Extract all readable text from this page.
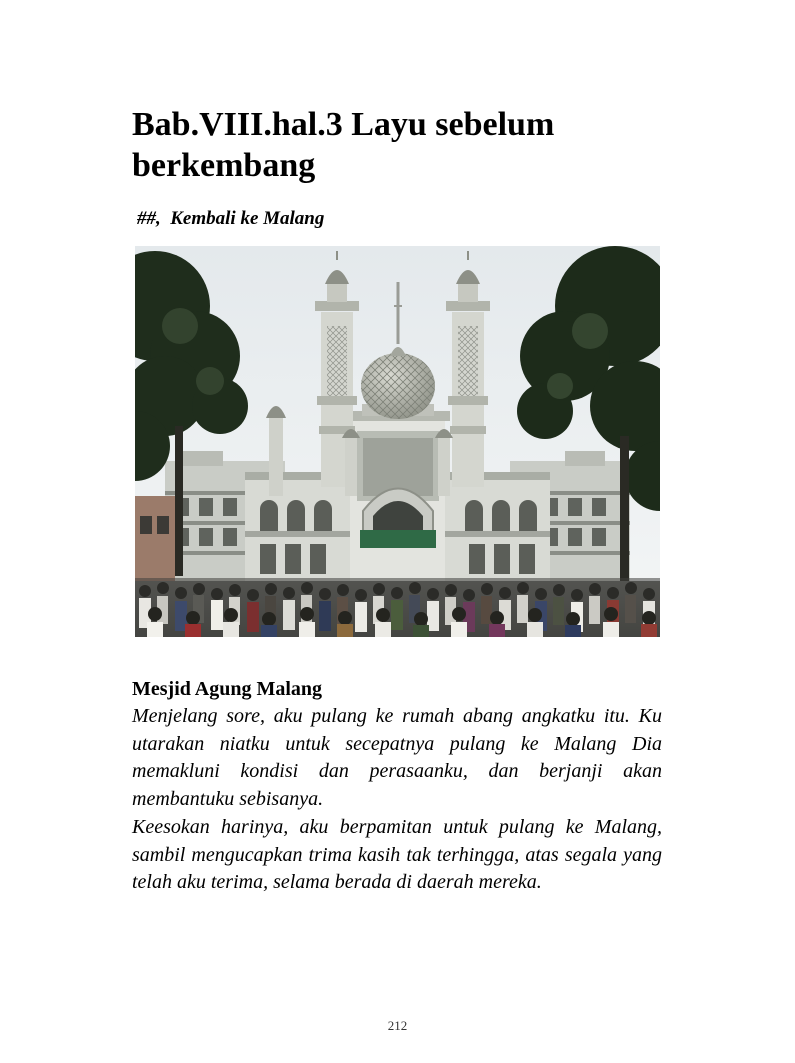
Bab.VIII.hal.3 Layu sebelum berkembang

##,  Kembali ke Malang

Mesjid Agung Malang

Menjelang sore, aku pulang ke rumah abang angkatku itu. Ku utarakan niatku untuk secepatnya pulang ke Malang Dia memakluni kondisi dan perasaanku, dan berjanji akan membantuku sebisanya.

Keesokan harinya, aku berpamitan untuk pulang ke Malang, sambil mengucapkan trima kasih tak terhingga, atas segala yang telah aku terima, selama berada di daerah mereka.

212
